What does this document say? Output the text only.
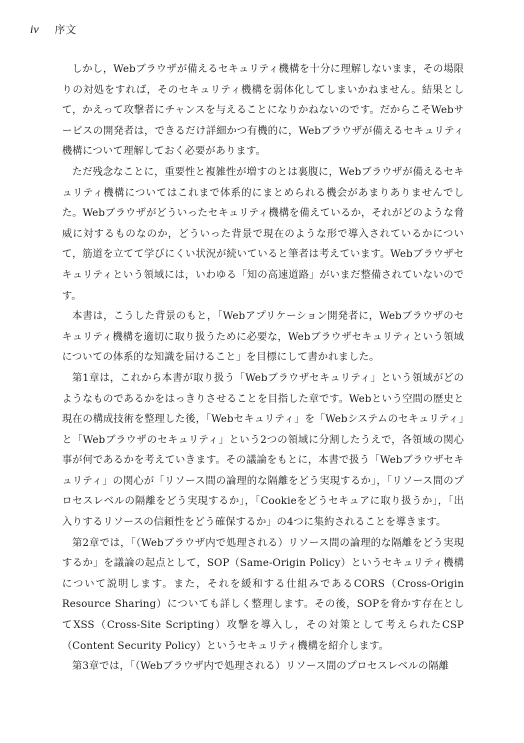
iv 序文

しかし，Webブラウザが備えるセキュリティ機構を十分に理解しないまま，その場限りの対処をすれば，そのセキュリティ機構を弱体化してしまいかねません。結果として，かえって攻撃者にチャンスを与えることになりかねないのです。だからこそWebサービスの開発者は，できるだけ詳細かつ有機的に，Webブラウザが備えるセキュリティ機構について理解しておく必要があります。

ただ残念なことに，重要性と複雑性が増すのとは裏腹に，Webブラウザが備えるセキュリティ機構についてはこれまで体系的にまとめられる機会があまりありませんでした。Webブラウザがどういったセキュリティ機構を備えているか，それがどのような脅威に対するものなのか，どういった背景で現在のような形で導入されているかについて，筋道を立てて学びにくい状況が続いていると筆者は考えています。Webブラウザセキュリティという領域には，いわゆる「知の高速道路」がいまだ整備されていないのです。

本書は，こうした背景のもと，「Webアプリケーション開発者に，Webブラウザのセキュリティ機構を適切に取り扱うために必要な，Webブラウザセキュリティという領域についての体系的な知識を届けること」を目標にして書かれました。

第1章は，これから本書が取り扱う「Webブラウザセキュリティ」という領域がどのようなものであるかをはっきりさせることを目指した章です。Webという空間の歴史と現在の構成技術を整理した後，「Webセキュリティ」を「Webシステムのセキュリティ」と「Webブラウザのセキュリティ」という2つの領域に分割したうえで，各領域の関心事が何であるかを考えていきます。その議論をもとに，本書で扱う「Webブラウザセキュリティ」の関心が「リソース間の論理的な隔離をどう実現するか」，「リソース間のプロセスレベルの隔離をどう実現するか」，「Cookieをどうセキュアに取り扱うか」，「出入りするリソースの信頼性をどう確保するか」の4つに集約されることを導きます。

第2章では，「（Webブラウザ内で処理される）リソース間の論理的な隔離をどう実現するか」を議論の起点として，SOP（Same-Origin Policy）というセキュリティ機構について説明します。また，それを緩和する仕組みであるCORS（Cross-Origin Resource Sharing）についても詳しく整理します。その後，SOPを脅かす存在としてXSS（Cross-Site Scripting）攻撃を導入し，その対策として考えられたCSP（Content Security Policy）というセキュリティ機構を紹介します。

第3章では，「（Webブラウザ内で処理される）リソース間のプロセスレベルの隔離
